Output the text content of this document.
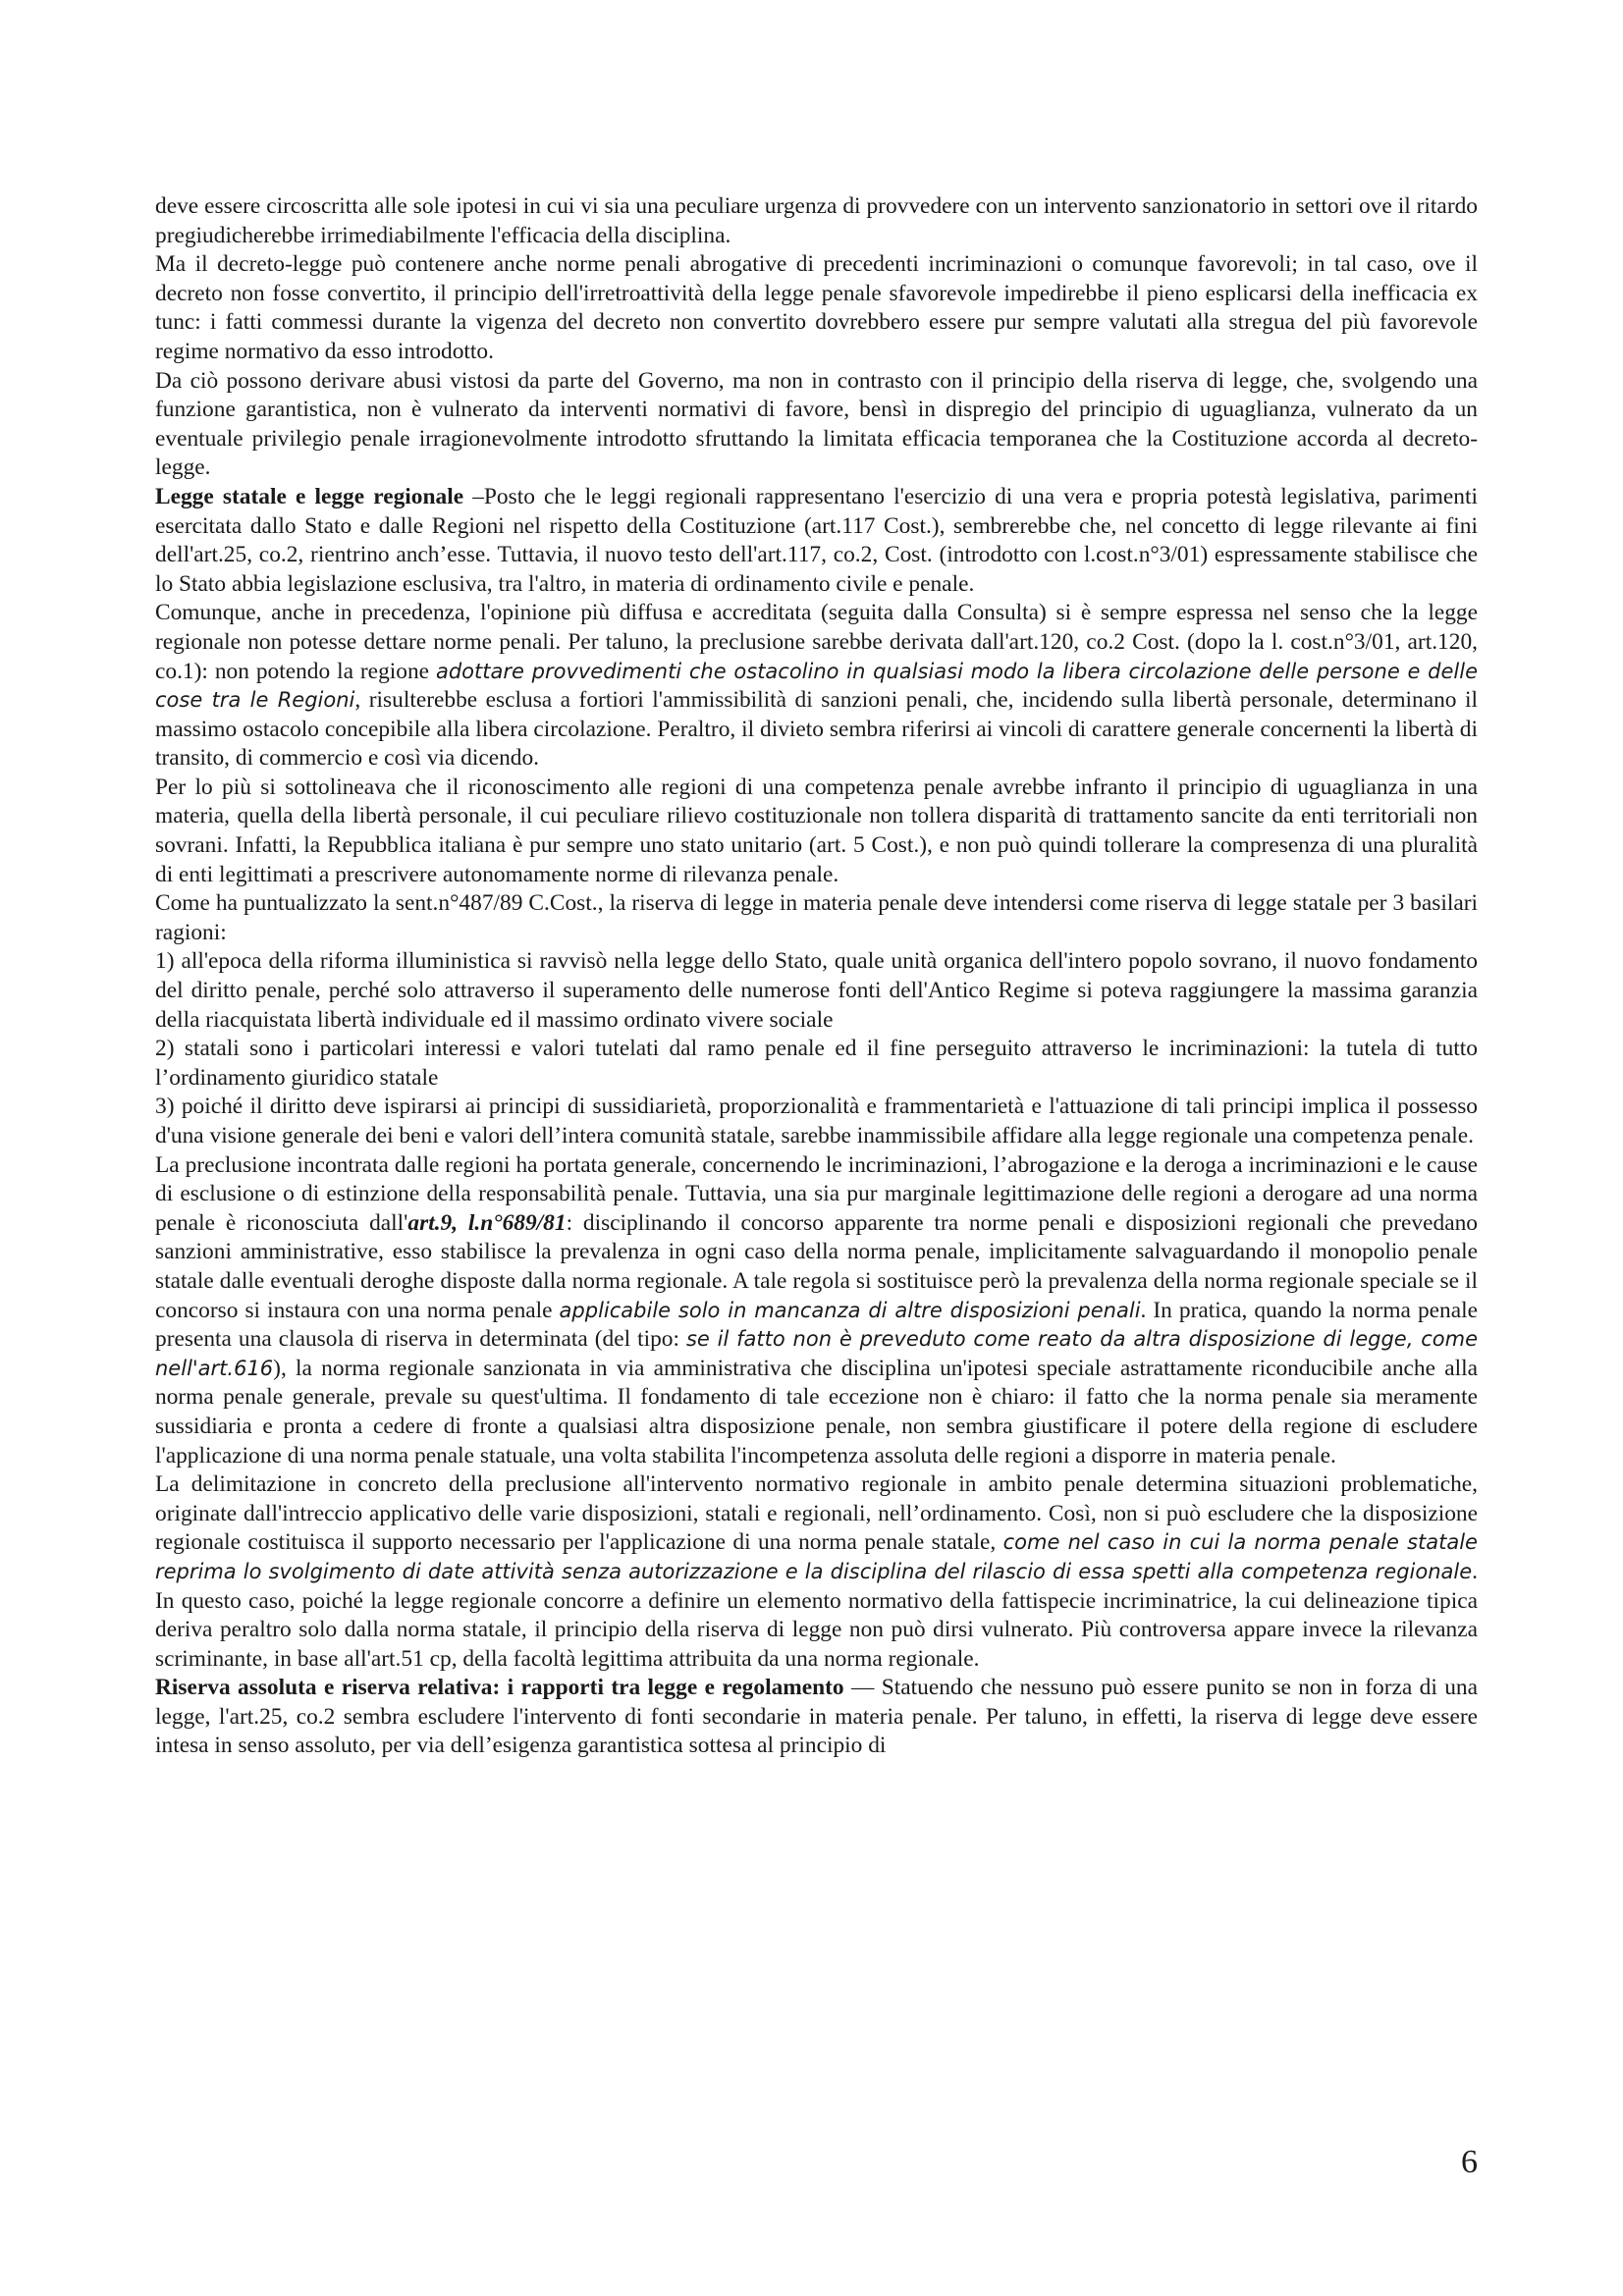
deve essere circoscritta alle sole ipotesi in cui vi sia una peculiare urgenza di provvedere con un intervento sanzionatorio in settori ove il ritardo pregiudicherebbe irrimediabilmente l'efficacia della disciplina.

Ma il decreto-legge può contenere anche norme penali abrogative di precedenti incriminazioni o comunque favorevoli; in tal caso, ove il decreto non fosse convertito, il principio dell'irretroattività della legge penale sfavorevole impedirebbe il pieno esplicarsi della inefficacia ex tunc: i fatti commessi durante la vigenza del decreto non convertito dovrebbero essere pur sempre valutati alla stregua del più favorevole regime normativo da esso introdotto.

Da ciò possono derivare abusi vistosi da parte del Governo, ma non in contrasto con il principio della riserva di legge, che, svolgendo una funzione garantistica, non è vulnerato da interventi normativi di favore, bensì in dispregio del principio di uguaglianza, vulnerato da un eventuale privilegio penale irragionevolmente introdotto sfruttando la limitata efficacia temporanea che la Costituzione accorda al decreto-legge.

Legge statale e legge regionale –Posto che le leggi regionali rappresentano l'esercizio di una vera e propria potestà legislativa, parimenti esercitata dallo Stato e dalle Regioni nel rispetto della Costituzione (art.117 Cost.), sembrerebbe che, nel concetto di legge rilevante ai fini dell'art.25, co.2, rientrino anch’esse. Tuttavia, il nuovo testo dell'art.117, co.2, Cost. (introdotto con l.cost.n°3/01) espressamente stabilisce che lo Stato abbia legislazione esclusiva, tra l'altro, in materia di ordinamento civile e penale.

Comunque, anche in precedenza, l'opinione più diffusa e accreditata (seguita dalla Consulta) si è sempre espressa nel senso che la legge regionale non potesse dettare norme penali. Per taluno, la preclusione sarebbe derivata dall'art.120, co.2 Cost. (dopo la l. cost.n°3/01, art.120, co.1): non potendo la regione adottare provvedimenti che ostacolino in qualsiasi modo la libera circolazione delle persone e delle cose tra le Regioni, risulterebbe esclusa a fortiori l'ammissibilità di sanzioni penali, che, incidendo sulla libertà personale, determinano il massimo ostacolo concepibile alla libera circolazione. Peraltro, il divieto sembra riferirsi ai vincoli di carattere generale concernenti la libertà di transito, di commercio e così via dicendo.

Per lo più si sottolineava che il riconoscimento alle regioni di una competenza penale avrebbe infranto il principio di uguaglianza in una materia, quella della libertà personale, il cui peculiare rilievo costituzionale non tollera disparità di trattamento sancite da enti territoriali non sovrani. Infatti, la Repubblica italiana è pur sempre uno stato unitario (art. 5 Cost.), e non può quindi tollerare la compresenza di una pluralità di enti legittimati a prescrivere autonomamente norme di rilevanza penale.

Come ha puntualizzato la sent.n°487/89 C.Cost., la riserva di legge in materia penale deve intendersi come riserva di legge statale per 3 basilari ragioni:

1) all'epoca della riforma illuministica si ravvisò nella legge dello Stato, quale unità organica dell'intero popolo sovrano, il nuovo fondamento del diritto penale, perché solo attraverso il superamento delle numerose fonti dell'Antico Regime si poteva raggiungere la massima garanzia della riacquistata libertà individuale ed il massimo ordinato vivere sociale

2) statali sono i particolari interessi e valori tutelati dal ramo penale ed il fine perseguito attraverso le incriminazioni: la tutela di tutto l’ordinamento giuridico statale

3) poiché il diritto deve ispirarsi ai principi di sussidiarietà, proporzionalità e frammentarietà e l'attuazione di tali principi implica il possesso d'una visione generale dei beni e valori dell’intera comunità statale, sarebbe inammissibile affidare alla legge regionale una competenza penale.

La preclusione incontrata dalle regioni ha portata generale, concernendo le incriminazioni, l’abrogazione e la deroga a incriminazioni e le cause di esclusione o di estinzione della responsabilità penale. Tuttavia, una sia pur marginale legittimazione delle regioni a derogare ad una norma penale è riconosciuta dall'art.9, l.n°689/81: disciplinando il concorso apparente tra norme penali e disposizioni regionali che prevedano sanzioni amministrative, esso stabilisce la prevalenza in ogni caso della norma penale, implicitamente salvaguardando il monopolio penale statale dalle eventuali deroghe disposte dalla norma regionale. A tale regola si sostituisce però la prevalenza della norma regionale speciale se il concorso si instaura con una norma penale applicabile solo in mancanza di altre disposizioni penali. In pratica, quando la norma penale presenta una clausola di riserva in determinata (del tipo: se il fatto non è preveduto come reato da altra disposizione di legge, come nell'art.616), la norma regionale sanzionata in via amministrativa che disciplina un'ipotesi speciale astrattamente riconducibile anche alla norma penale generale, prevale su quest'ultima. Il fondamento di tale eccezione non è chiaro: il fatto che la norma penale sia meramente sussidiaria e pronta a cedere di fronte a qualsiasi altra disposizione penale, non sembra giustificare il potere della regione di escludere l'applicazione di una norma penale statuale, una volta stabilita l'incompetenza assoluta delle regioni a disporre in materia penale.

La delimitazione in concreto della preclusione all'intervento normativo regionale in ambito penale determina situazioni problematiche, originate dall'intreccio applicativo delle varie disposizioni, statali e regionali, nell’ordinamento. Così, non si può escludere che la disposizione regionale costituisca il supporto necessario per l'applicazione di una norma penale statale, come nel caso in cui la norma penale statale reprima lo svolgimento di date attività senza autorizzazione e la disciplina del rilascio di essa spetti alla competenza regionale. In questo caso, poiché la legge regionale concorre a definire un elemento normativo della fattispecie incriminatrice, la cui delineazione tipica deriva peraltro solo dalla norma statale, il principio della riserva di legge non può dirsi vulnerato. Più controversa appare invece la rilevanza scriminante, in base all'art.51 cp, della facoltà legittima attribuita da una norma regionale.

Riserva assoluta e riserva relativa: i rapporti tra legge e regolamento — Statuendo che nessuno può essere punito se non in forza di una legge, l'art.25, co.2 sembra escludere l'intervento di fonti secondarie in materia penale. Per taluno, in effetti, la riserva di legge deve essere intesa in senso assoluto, per via dell’esigenza garantistica sottesa al principio di

6
